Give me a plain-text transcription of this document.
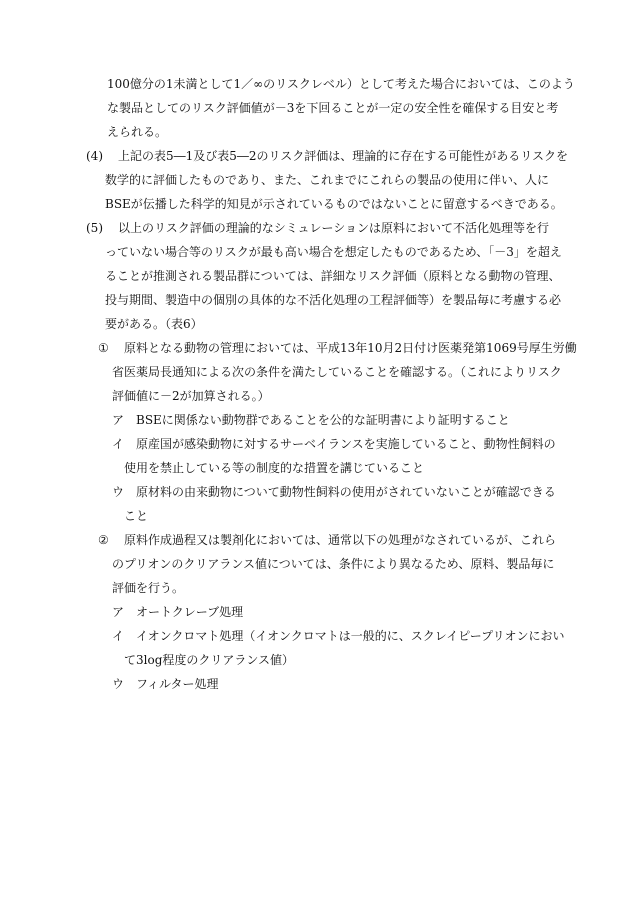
100億分の1未満として1／∞のリスクレベル）として考えた場合においては、このよう
な製品としてのリスク評価値が－3を下回ることが一定の安全性を確保する目安と考
えられる。
(4) 上記の表5―1及び表5―2のリスク評価は、理論的に存在する可能性があるリスクを
数学的に評価したものであり、また、これまでにこれらの製品の使用に伴い、人に
BSEが伝播した科学的知見が示されているものではないことに留意するべきである。
(5) 以上のリスク評価の理論的なシミュレーションは原料において不活化処理等を行
っていない場合等のリスクが最も高い場合を想定したものであるため、「－3」を超え
ることが推測される製品群については、詳細なリスク評価（原料となる動物の管理、
投与期間、製造中の個別の具体的な不活化処理の工程評価等）を製品毎に考慮する必
要がある。（表6）
① 原料となる動物の管理においては、平成13年10月2日付け医薬発第1069号厚生労働
省医薬局長通知による次の条件を満たしていることを確認する。（これによりリスク
評価値に－2が加算される。）
ア BSEに関係ない動物群であることを公的な証明書により証明すること
イ 原産国が感染動物に対するサーベイランスを実施していること、動物性飼料の
使用を禁止している等の制度的な措置を講じていること
ウ 原材料の由来動物について動物性飼料の使用がされていないことが確認できる
こと
② 原料作成過程又は製剤化においては、通常以下の処理がなされているが、これら
のプリオンのクリアランス値については、条件により異なるため、原料、製品毎に
評価を行う。
ア オートクレーブ処理
イ イオンクロマト処理（イオンクロマトは一般的に、スクレイピープリオンにおい
て3log程度のクリアランス値）
ウ フィルター処理
